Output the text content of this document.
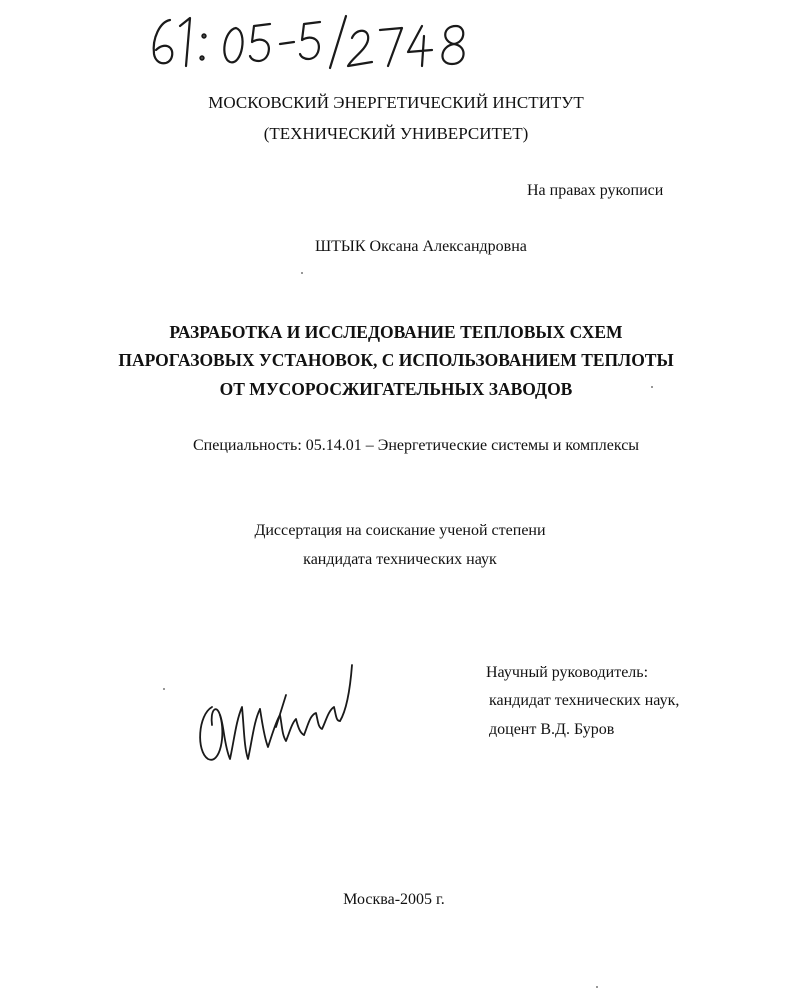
МОСКОВСКИЙ ЭНЕРГЕТИЧЕСКИЙ ИНСТИТУТ
(ТЕХНИЧЕСКИЙ УНИВЕРСИТЕТ)
На правах рукописи
ШТЫК Оксана Александровна
РАЗРАБОТКА И ИССЛЕДОВАНИЕ ТЕПЛОВЫХ СХЕМ
ПАРОГАЗОВЫХ УСТАНОВОК, С ИСПОЛЬЗОВАНИЕМ ТЕПЛОТЫ
ОТ МУСОРОСЖИГАТЕЛЬНЫХ ЗАВОДОВ
Специальность: 05.14.01 – Энергетические системы и комплексы
Диссертация на соискание ученой степени
кандидата технических наук
Научный руководитель:
кандидат технических наук,
доцент В.Д. Буров
Москва-2005 г.
